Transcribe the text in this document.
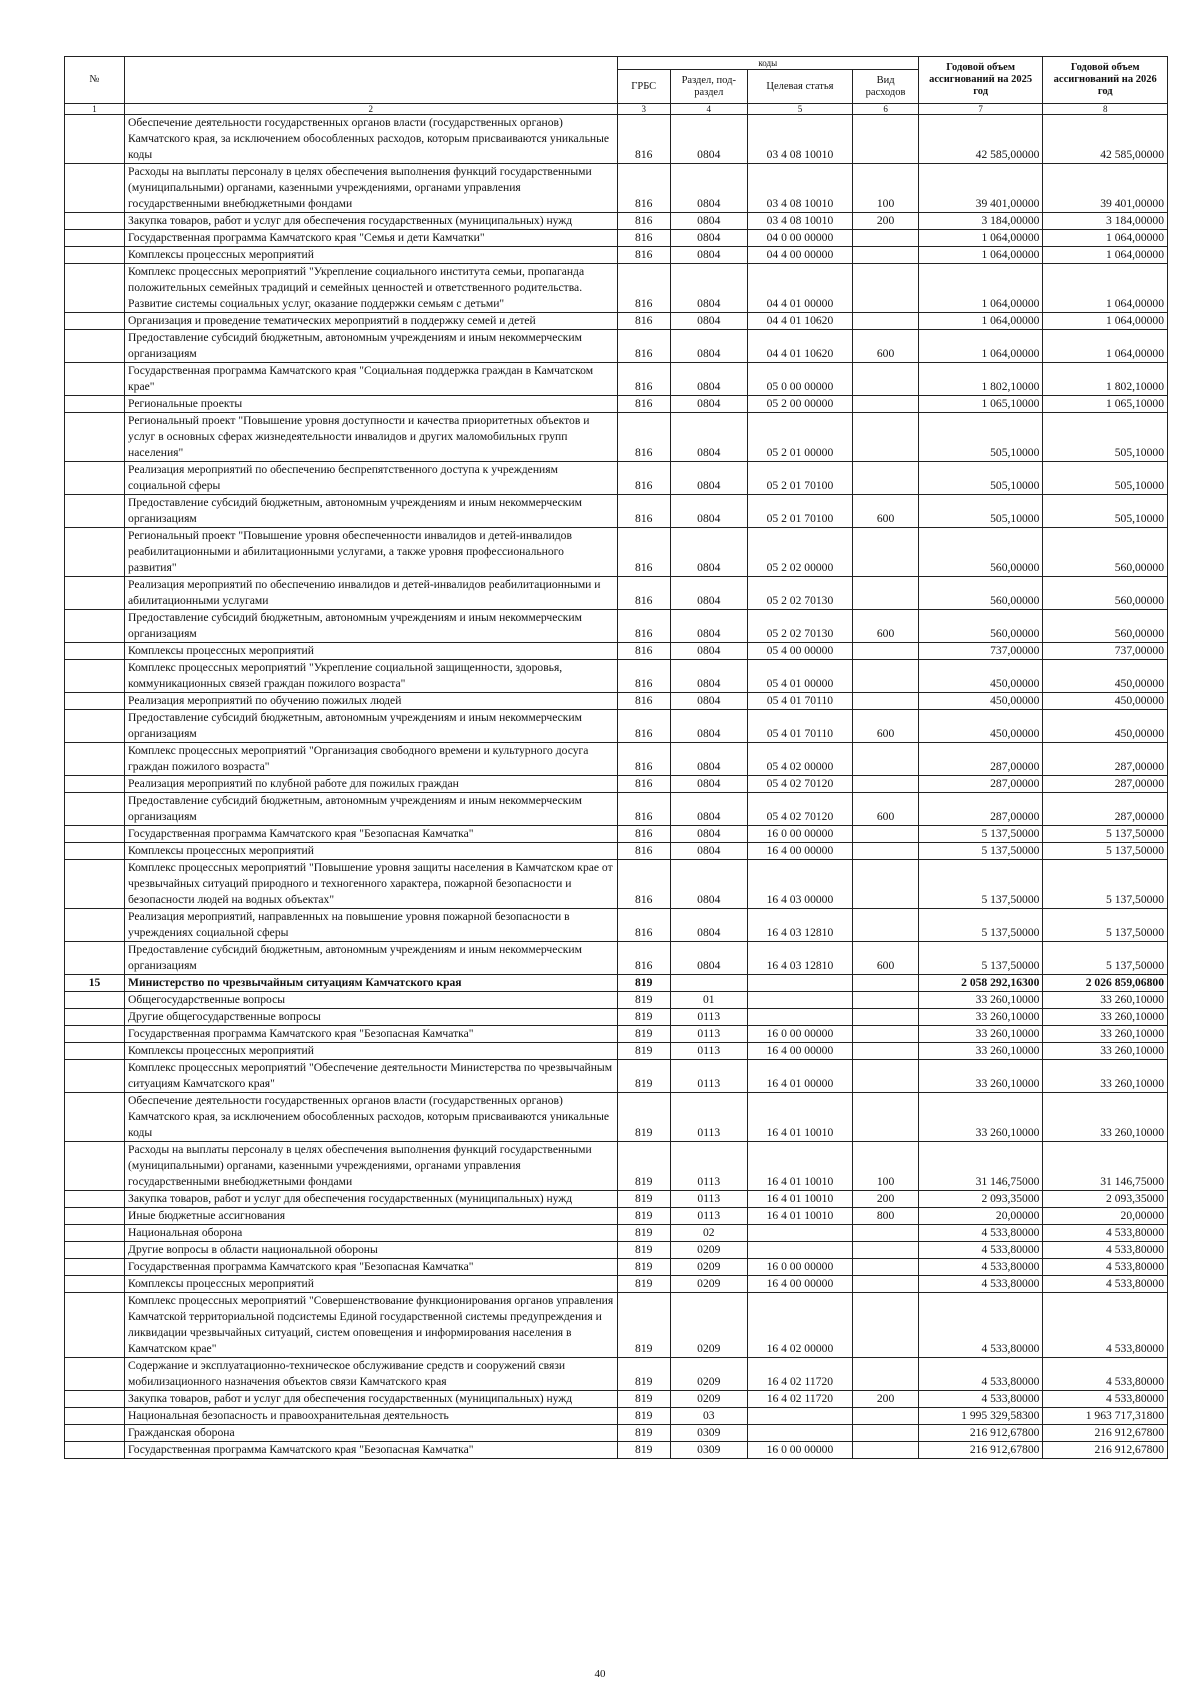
№		коды				Годовой объем ассигнований на 2025 год	Годовой объем ассигнований на 2026 год
		ГРБС	Раздел, под-раздел	Целевая статья	Вид расходов		
1	2	3	4	5	6	7	8
	Обеспечение деятельности государственных органов власти (государственных органов) Камчатского края, за исключением обособленных расходов, которым присваиваются уникальные коды	816	0804	03 4 08 10010		42 585,00000	42 585,00000
	Расходы на выплаты персоналу в целях обеспечения выполнения функций государственными (муниципальными) органами, казенными учреждениями, органами управления государственными внебюджетными фондами	816	0804	03 4 08 10010	100	39 401,00000	39 401,00000
	Закупка товаров, работ и услуг для обеспечения государственных (муниципальных) нужд	816	0804	03 4 08 10010	200	3 184,00000	3 184,00000
	Государственная программа Камчатского края "Семья и дети Камчатки"	816	0804	04 0 00 00000		1 064,00000	1 064,00000
	Комплексы процессных мероприятий	816	0804	04 4 00 00000		1 064,00000	1 064,00000
	Комплекс процессных мероприятий "Укрепление социального института семьи, пропаганда положительных семейных традиций и семейных ценностей и ответственного родительства. Развитие системы социальных услуг, оказание поддержки семьям с детьми"	816	0804	04 4 01 00000		1 064,00000	1 064,00000
	Организация и проведение тематических мероприятий в поддержку семей и детей	816	0804	04 4 01 10620		1 064,00000	1 064,00000
	Предоставление субсидий бюджетным, автономным учреждениям и иным некоммерческим организациям	816	0804	04 4 01 10620	600	1 064,00000	1 064,00000
	Государственная программа Камчатского края "Социальная поддержка граждан в Камчатском крае"	816	0804	05 0 00 00000		1 802,10000	1 802,10000
	Региональные проекты	816	0804	05 2 00 00000		1 065,10000	1 065,10000
	Региональный проект "Повышение уровня доступности и качества приоритетных объектов и услуг в основных сферах жизнедеятельности инвалидов и других маломобильных групп населения"	816	0804	05 2 01 00000		505,10000	505,10000
	Реализация мероприятий по обеспечению беспрепятственного доступа к учреждениям социальной сферы	816	0804	05 2 01 70100		505,10000	505,10000
	Предоставление субсидий бюджетным, автономным учреждениям и иным некоммерческим организациям	816	0804	05 2 01 70100	600	505,10000	505,10000
	Региональный проект "Повышение уровня обеспеченности инвалидов и детей-инвалидов реабилитационными и абилитационными услугами, а также уровня профессионального развития"	816	0804	05 2 02 00000		560,00000	560,00000
	Реализация мероприятий по обеспечению инвалидов и детей-инвалидов реабилитационными и абилитационными услугами	816	0804	05 2 02 70130		560,00000	560,00000
	Предоставление субсидий бюджетным, автономным учреждениям и иным некоммерческим организациям	816	0804	05 2 02 70130	600	560,00000	560,00000
	Комплексы процессных мероприятий	816	0804	05 4 00 00000		737,00000	737,00000
	Комплекс процессных мероприятий "Укрепление социальной защищенности, здоровья, коммуникационных связей граждан пожилого возраста"	816	0804	05 4 01 00000		450,00000	450,00000
	Реализация мероприятий по обучению пожилых людей	816	0804	05 4 01 70110		450,00000	450,00000
	Предоставление субсидий бюджетным, автономным учреждениям и иным некоммерческим организациям	816	0804	05 4 01 70110	600	450,00000	450,00000
	Комплекс процессных мероприятий "Организация свободного времени и культурного досуга граждан пожилого возраста"	816	0804	05 4 02 00000		287,00000	287,00000
	Реализация мероприятий по клубной работе для пожилых граждан	816	0804	05 4 02 70120		287,00000	287,00000
	Предоставление субсидий бюджетным, автономным учреждениям и иным некоммерческим организациям	816	0804	05 4 02 70120	600	287,00000	287,00000
	Государственная программа Камчатского края "Безопасная Камчатка"	816	0804	16 0 00 00000		5 137,50000	5 137,50000
	Комплексы процессных мероприятий	816	0804	16 4 00 00000		5 137,50000	5 137,50000
	Комплекс процессных мероприятий "Повышение уровня защиты населения в Камчатском крае от чрезвычайных ситуаций природного и техногенного характера, пожарной безопасности и безопасности людей на водных объектах"	816	0804	16 4 03 00000		5 137,50000	5 137,50000
	Реализация мероприятий, направленных на повышение уровня пожарной безопасности в учреждениях социальной сферы	816	0804	16 4 03 12810		5 137,50000	5 137,50000
	Предоставление субсидий бюджетным, автономным учреждениям и иным некоммерческим организациям	816	0804	16 4 03 12810	600	5 137,50000	5 137,50000
15	Министерство по чрезвычайным ситуациям Камчатского края	819				2 058 292,16300	2 026 859,06800
	Общегосударственные вопросы	819	01			33 260,10000	33 260,10000
	Другие общегосударственные вопросы	819	0113			33 260,10000	33 260,10000
	Государственная программа Камчатского края "Безопасная Камчатка"	819	0113	16 0 00 00000		33 260,10000	33 260,10000
	Комплексы процессных мероприятий	819	0113	16 4 00 00000		33 260,10000	33 260,10000
	Комплекс процессных мероприятий "Обеспечение деятельности Министерства по чрезвычайным ситуациям Камчатского края"	819	0113	16 4 01 00000		33 260,10000	33 260,10000
	Обеспечение деятельности государственных органов власти (государственных органов) Камчатского края, за исключением обособленных расходов, которым присваиваются уникальные коды	819	0113	16 4 01 10010		33 260,10000	33 260,10000
	Расходы на выплаты персоналу в целях обеспечения выполнения функций государственными (муниципальными) органами, казенными учреждениями, органами управления государственными внебюджетными фондами	819	0113	16 4 01 10010	100	31 146,75000	31 146,75000
	Закупка товаров, работ и услуг для обеспечения государственных (муниципальных) нужд	819	0113	16 4 01 10010	200	2 093,35000	2 093,35000
	Иные бюджетные ассигнования	819	0113	16 4 01 10010	800	20,00000	20,00000
	Национальная оборона	819	02			4 533,80000	4 533,80000
	Другие вопросы в области национальной обороны	819	0209			4 533,80000	4 533,80000
	Государственная программа Камчатского края "Безопасная Камчатка"	819	0209	16 0 00 00000		4 533,80000	4 533,80000
	Комплексы процессных мероприятий	819	0209	16 4 00 00000		4 533,80000	4 533,80000
	Комплекс процессных мероприятий "Совершенствование функционирования органов управления Камчатской территориальной подсистемы Единой государственной системы предупреждения и ликвидации чрезвычайных ситуаций, систем оповещения и информирования населения в Камчатском крае"	819	0209	16 4 02 00000		4 533,80000	4 533,80000
	Содержание и эксплуатационно-техническое обслуживание средств и сооружений связи мобилизационного назначения объектов связи Камчатского края	819	0209	16 4 02 11720		4 533,80000	4 533,80000
	Закупка товаров, работ и услуг для обеспечения государственных (муниципальных) нужд	819	0209	16 4 02 11720	200	4 533,80000	4 533,80000
	Национальная безопасность и правоохранительная деятельность	819	03			1 995 329,58300	1 963 717,31800
	Гражданская оборона	819	0309			216 912,67800	216 912,67800
	Государственная программа Камчатского края "Безопасная Камчатка"	819	0309	16 0 00 00000		216 912,67800	216 912,67800
40
